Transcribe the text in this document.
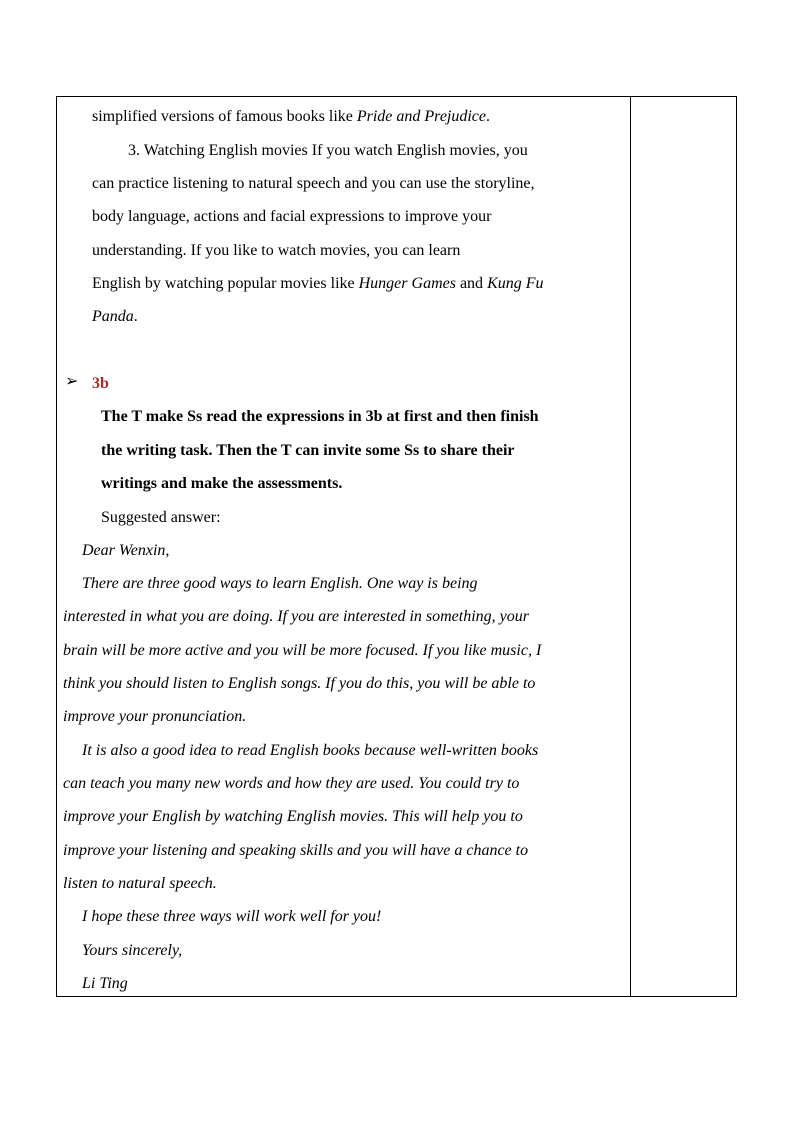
simplified versions of famous books like Pride and Prejudice.
3. Watching English movies If you watch English movies, you
can practice listening to natural speech and you can use the storyline,
body language, actions and facial expressions to improve your
understanding. If you like to watch movies, you can learn
English by watching popular movies like Hunger Games and Kung Fu
Panda.
➢ 3b
The T make Ss read the expressions in 3b at first and then finish
the writing task. Then the T can invite some Ss to share their
writings and make the assessments.
Suggested answer:
Dear Wenxin,
There are three good ways to learn English. One way is being
interested in what you are doing. If you are interested in something, your
brain will be more active and you will be more focused. If you like music, I
think you should listen to English songs. If you do this, you will be able to
improve your pronunciation.
It is also a good idea to read English books because well-written books
can teach you many new words and how they are used. You could try to
improve your English by watching English movies. This will help you to
improve your listening and speaking skills and you will have a chance to
listen to natural speech.
I hope these three ways will work well for you!
Yours sincerely,
Li Ting
